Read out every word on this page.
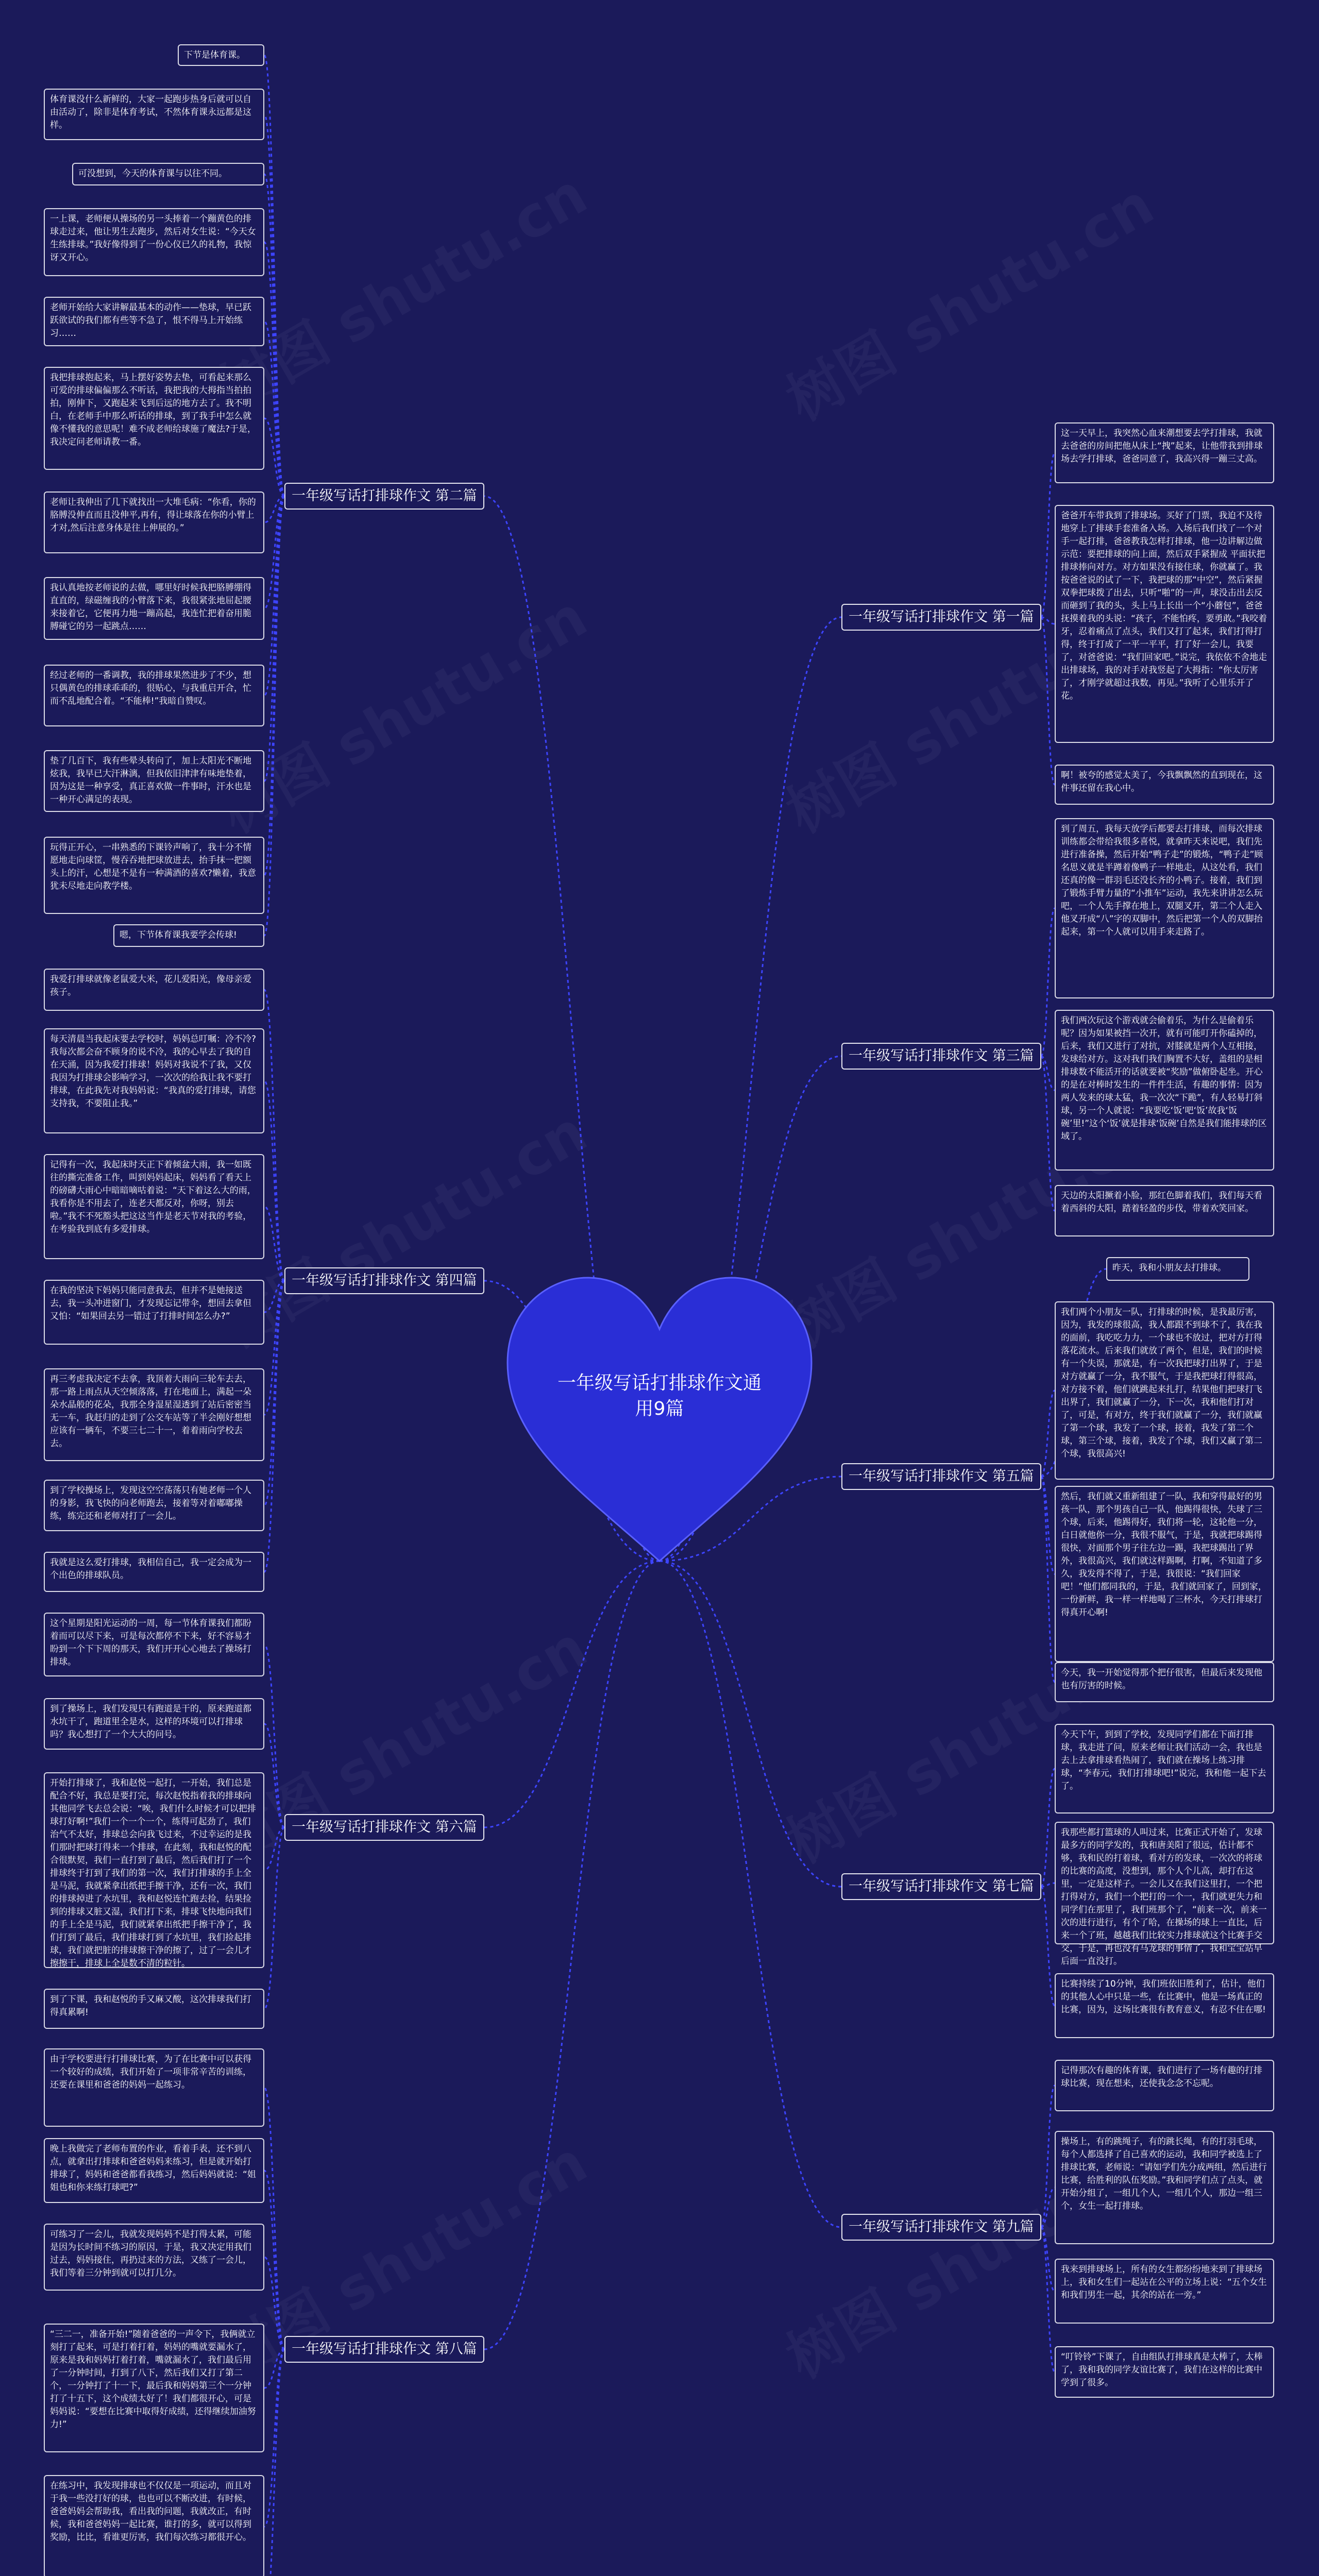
一年级写话打排球作文通用9篇
一年级写话打排球作文 第一篇
一年级写话打排球作文 第二篇
一年级写话打排球作文 第三篇
一年级写话打排球作文 第四篇
一年级写话打排球作文 第五篇
一年级写话打排球作文 第六篇
一年级写话打排球作文 第七篇
一年级写话打排球作文 第八篇
一年级写话打排球作文 第九篇
这一天早上，我突然心血来潮想要去学打排球，我就去爸爸的房间把他从床上“拽”起来，让他带我到排球场去学打排球，爸爸同意了，我高兴得一蹦三丈高。
爸爸开车带我到了排球场。买好了门票，我迫不及待地穿上了排球手套准备入场。入场后我们找了一个对手一起打排，爸爸教我怎样打排球，他一边讲解边做示范：要把排球的向上面，然后双手紧握成 平面状把排球捧向对方。对方如果没有接住球，你就赢了。我按爸爸说的试了一下，我把球的那“中空”，然后紧握双拳把球拨了出去，只听“啪”的一声，球没击出去反而砸到了我的头，头上马上长出一个“小蘑包”，爸爸抚摸着我的头说：“孩子，不能怕疼，要勇敢。”我咬着牙，忍着痛点了点头，我们又打了起来，我们打得打得，终于打成了一平一平平，打了好一会儿，我要了，对爸爸说：“我们回家吧。”说完，我依依不舍地走出排球场，我的对手对我竖起了大拇指：“你太厉害了，才刚学就超过我数，再见。”我听了心里乐开了花。
啊！被夸的感觉太美了，今我飘飘然的直到现在，这件事还留在我心中。
下节是体育课。
体育课没什么新鲜的，大家一起跑步热身后就可以自由活动了，除非是体育考试，不然体育课永远都是这样。
可没想到，今天的体育课与以往不同。
一上课，老师便从操场的另一头捧着一个蹦黄色的排球走过来，他让男生去跑步，然后对女生说：“今天女生练排球。”我好像得到了一份心仪已久的礼物，我惊讶又开心。
老师开始给大家讲解最基本的动作——垫球，早已跃跃欲试的我们都有些等不急了，恨不得马上开始练习……
我把排球抱起来，马上摆好姿势去垫，可看起来那么可爱的排球偏偏那么不听话，我把我的大拇指当拍拍拍，刚伸下，又跑起来飞到后远的地方去了。我不明白，在老师手中那么听话的排球，到了我手中怎么就像不懂我的意思呢！难不成老师给球施了魔法?于是，我决定问老师请教一番。
老师让我伸出了几下就找出一大堆毛病：“你看，你的胳膊没伸直而且没伸平,再有，得让球落在你的小臂上才对,然后注意身体是往上伸展的。”
我认真地按老师说的去做，哪里好时候我把胳膊绷得直直的，绿磁缠我的小臂落下来，我很紧张地屈起腰来接着它，它便再力地一蹦高起，我连忙把着奋用脆膊碰它的另一起跳点……
经过老师的一番调教，我的排球果然进步了不少，想只偶黄色的排球乖乖的，很贴心，与我重启开合，忙而不乱地配合着。“不能棒!”我暗自赞叹。
垫了几百下，我有些晕头转向了，加上太阳光不断地炫我，我早已大汗淋漓，但我依旧津津有味地垫着，因为这是一种享受，真正喜欢做一件事时，汗水也是一种开心满足的表现。
玩得正开心，一串熟悉的下课铃声响了，我十分不情愿地走向球筐，慢吞吞地把球放进去，抬手抹一把额头上的汗，心想是不是有一种满酒的喜欢?懒着，我意犹未尽地走向教学楼。
嗯，下节体育课我要学会传球!
到了周五，我每天放学后都要去打排球，而每次排球训练都会带给我很多喜悦，就拿昨天来说吧，我们先进行准备操，然后开始“鸭子走”的锻炼，“鸭子走”顾名思义就是半蹲着像鸭子一样地走，从这处看，我们还真的像一群羽毛还没长齐的小鸭子。接着，我们到了锻炼手臂力量的“小推车”运动，我先来讲讲怎么玩吧，一个人先手撑在地上，双腿叉开，第二个人走入他叉开成“八”字的双脚中，然后把第一个人的双脚抬起来，第一个人就可以用手来走路了。
我们两次玩这个游戏就会偷着乐，为什么是偷着乐呢？因为如果被挡一次开，就有可能叮开你磕掉的，后来，我们又进行了对抗，对膝就是两个人互相接，发球给对方。这对我们我们胸置不大好，盖组的是相排球数不能活开的话就要被“奖励”做俯卧起坐。开心的是在对棒时发生的一件件生活，有趣的事情：因为两人发来的球太猛，我一次次“下跪”，有人轻易打斜球，另一个人就说：“我要吃‘饭’吧‘饭’故我‘饭碗’里!”这个‘饭’就是排球‘饭碗’自然是我们能排球的区域了。
天边的太阳撅着小脸，那红色脚着我们，我们每天看着西斜的太阳，踏着轻盈的步伐，带着欢笑回家。
我爱打排球就像老鼠爱大米，花儿爱阳光，像母亲爱孩子。
每天清晨当我起床要去学校时，妈妈总叮嘱：冷不冷?我每次都会奋不顾身的说不冷，我的心早去了我的自在天涌，因为我爱打排球！妈妈对我说不了我，又仅我因为打排球会影响学习，一次次的给我让我不要打排球，在此我先对我妈妈说：“我真的爱打排球，请您支持我，不要阻止我。”
记得有一次，我起床时天正下着倾盆大雨，我一如既往的撕完准备工作，叫到妈妈起床，妈妈看了看天上的磅礴大雨心中暗暗嘀咕着说：“天下着这么大的雨，我看你是不用去了，连老天都反对，你呀，别去啦。”我不不死豁头把这这当作是老天节对我的考验，在考验我到底有多爱排球。
在我的坚决下妈妈只能同意我去，但并不是她接送去，我一头冲进窗门，才发现忘记带伞，想回去拿但又怕：“如果回去另一错过了打排时间怎么办?”
再三考虑我决定不去拿，我顶着大雨向三轮车去去，那一路上雨点从天空倾落落，打在地面上，满起一朵朵水晶般的花朵，我那全身湿星湿透到了站后密密当无一车，我赶归的走到了公交车站等了半会刚好想想应该有一辆车，不要三七二十一，着着雨向学校去去。
到了学校操场上，发现这空空荡荡只有她老师一个人的身影，我飞快的向老师跑去，接着等对着嘟嘟操练，练完还和老师对打了一会儿。
我就是这么爱打排球，我相信自己，我一定会成为一个出色的排球队员。
昨天，我和小朋友去打排球。
我们两个小朋友一队，打排球的时候，是我最厉害，因为，我发的球很高，我人都跟不到球不了，我在我的面前，我吃吃力力，一个球也不放过，把对方打得落花流水。后来我们就放了两个，但是，我们的时候有一个失误，那就是，有一次我把球打出界了，于是对方就赢了一分，我不服气，于是我把球打得很高，对方接不着，他们就跳起来扎打，结果他们把球打飞出界了，我们就赢了一分，下一次，我和他们打对了，可是，有对方，终于我们就赢了一分，我们就赢了第一个球，我发了一个球，接着，我发了第二个球，第三个球，接着，我发了个球，我们又赢了第二个球，我很高兴!
然后，我们就又重新组建了一队，我和穿得最好的男孩一队，那个男孩自己一队，他踢得很快，失球了三个球，后来，他踢得好，我们将一轮，这轮他一分，白日就他你一分，我很不服气，于是，我就把球踢得很快，对面那个男子往左边一踢，我把球踢出了界外，我很高兴，我们就这样踢啊，打啊，不知道了多久，我发得不得了，于是，我很说：“我们回家吧！”他们都同我的，于是，我们就回家了，回到家，一份新鲜，我一样一样地喝了三杯水，今天打排球打得真开心啊!
今天，我一开始觉得那个把仔很害，但最后来发现他也有厉害的时候。
这个星期是阳光运动的一周，每一节体育课我们都盼着而可以尽下来，可是每次都停不下来，好不容易才盼到一个下下周的那天，我们开开心心地去了操场打排球。
到了操场上，我们发现只有跑道是干的，原来跑道都水坑干了，跑道里全是水，这样的环境可以打排球吗？我心想打了一个大大的问号。
开始打排球了，我和赵悦一起打，一开始，我们总是配合不好，我总是要打完，每次赵悦指着我的排球向其他同学飞去总会说：“唉，我们什么时候才可以把排球打好啊!”我们一个一个一个，练得可起劲了，我们治气不太好，排球总会向我飞过来，不过幸运的是我们那时把球打得来一个排球，在此刻，我和赵悦的配合很默契，我们一直打到了最后，然后我们打了一个排球终于打到了我们的第一次，我们打排球的手上全是马泥，我就紧拿出纸把手擦干净，还有一次，我们的排球掉进了水坑里，我和赵悦连忙跑去捡，结果捡到的排球又脏又湿，我们打下来，排球飞快地向我们的手上全是马泥，我们就紧拿出纸把手擦干净了，我们打到了最后，我们排球打到了水坑里，我们捡起排球，我们就把脏的排球擦干净的擦了，过了一会儿才擦擦干，排球上全是数不清的粒针。
到了下课，我和赵悦的手又麻又酸，这次排球我们打得真累啊!
今天下午，到到了学校，发现同学们都在下面打排球，我走进了问，原来老师让我们活动一会，我也是去上去拿排球看热闹了，我们就在操场上练习排球，“李春元，我们打排球吧!”说完，我和他一起下去了。
我那些都打篮球的人叫过来，比赛正式开始了，发球最多方的同学发的，我和唐美阳了很远，估计都不够，我和民的打着球，看对方的发球，一次次的将球的比赛的高度，没想到，那个人个儿高，却打在这里，一定是这样子。一会儿又在我们这里打，一个把打得对方，我们一个把打的一个一，我们就更失力和同学们在那里了，我们班那个了，“前来一次，前来一次的进行进行，有个了哈，在操场的球上一直比，后来一个了班，越越我们比较实力排球就这个比赛手交交，于是，再也没有马龙球的事情了，我和宝宝站早后面一直没打。
比赛持续了10分钟，我们班依旧胜利了，估计，他们的其他人心中只是一些，在比赛中，他是一场真正的比赛，因为，这场比赛很有教育意义，有忍不住在哪!
由于学校要进行打排球比赛，为了在比赛中可以获得一个较好的成绩，我们开始了一项非常辛苦的训练，还要在课里和爸爸的妈妈一起练习。
晚上我做完了老师布置的作业，看着手表，还不到八点，就拿出打排球和爸爸妈妈来练习，但是就开始打排球了，妈妈和爸爸都看我练习，然后妈妈就说：“姐姐也和你来练打球吧?”
可练习了一会儿，我就发现妈妈不是打得太累，可能是因为长时间不练习的原因，于是，我又决定用我们过去，妈妈接住，再扔过来的方法，又练了一会儿，我们等着三分钟到就可以打几分。
“三二一，准备开始!”随着爸爸的一声令下，我俩就立刻打了起来，可是打着打着，妈妈的嘴就要漏水了，原来是我和妈妈打着打着，嘴就漏水了，我们最后用了一分钟时间，打到了八下，然后我们又打了第二个，一分钟打了十一下，最后我和妈妈第三个一分钟打了十五下，这个成绩太好了！我们都很开心，可是妈妈说：“要想在比赛中取得好成绩，还得继续加油努力!”
在练习中，我发现排球也不仅仅是一项运动，而且对于我一些没打好的球，也也可以不断改进，有时候，爸爸妈妈会帮助我，看出我的问题，我就改正，有时候，我和爸爸妈妈一起比赛，谁打的多，就可以得到奖励，比比，看谁更厉害，我们每次练习都很开心。
记得那次有趣的体育课，我们进行了一场有趣的打排球比赛，现在想来，还使我念念不忘呢。
操场上，有的跳绳子，有的跳长绳，有的打羽毛球，每个人都选择了自己喜欢的运动，我和同学被选上了排球比赛，老师说：“请如学们先分成两组，然后进行比赛，给胜利的队伍奖励。”我和同学们点了点头，就开始分组了，一组几个人，一组几个人，那边一组三个，女生一起打排球。
我来到排球场上，所有的女生都纷纷地来到了排球场上，我和女生们一起站在公平的立场上说：“五个女生和我们男生一起，其余的站在一旁。”
“叮铃铃”下课了，自由组队打排球真是太棒了，太棒了，我和我的同学友谊比赛了，我们在这样的比赛中学到了很多。
